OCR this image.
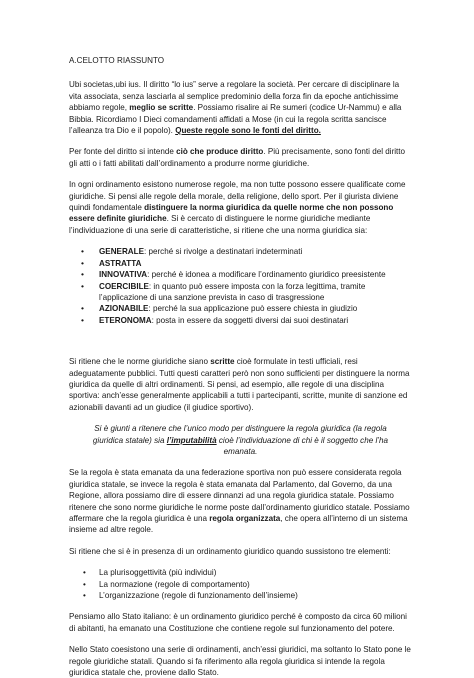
A.CELOTTO RIASSUNTO

Ubi societas,ubi ius. Il diritto “lo ius” serve a regolare la società. Per cercare di disciplinare la vita associata, senza lasciarla al semplice predominio della forza fin da epoche antichissime abbiamo regole, meglio se scritte. Possiamo risalire ai Re sumeri (codice Ur-Nammu) e alla Bibbia. Ricordiamo I Dieci comandamenti affidati a Mose (in cui la regola scritta sancisce l’alleanza tra Dio e il popolo). Queste regole sono le fonti del diritto.

Per fonte del diritto si intende ciò che produce diritto. Più precisamente, sono fonti del diritto gli atti o i fatti abilitati dall’ordinamento a produrre norme giuridiche.

In ogni ordinamento esistono numerose regole, ma non tutte possono essere qualificate come giuridiche. Si pensi alle regole della morale, della religione, dello sport. Per il giurista diviene quindi fondamentale distinguere la norma giuridica da quelle norme che non possono essere definite giuridiche. Si è cercato di distinguere le norme giuridiche mediante l’individuazione di una serie di caratteristiche, si ritiene che una norma giuridica sia:

• GENERALE: perché si rivolge a destinatari indeterminati
• ASTRATTA
• INNOVATIVA: perché è idonea a modificare l’ordinamento giuridico preesistente
• COERCIBILE: in quanto può essere imposta con la forza legittima, tramite l’applicazione di una sanzione prevista in caso di trasgressione
• AZIONABILE: perché la sua applicazione può essere chiesta in giudizio
• ETERONOMA: posta in essere da soggetti diversi dai suoi destinatari

Si ritiene che le norme giuridiche siano scritte cioè formulate in testi ufficiali, resi adeguatamente pubblici. Tutti questi caratteri però non sono sufficienti per distinguere la norma giuridica da quelle di altri ordinamenti. Si pensi, ad esempio, alle regole di una disciplina sportiva: anch’esse generalmente applicabili a tutti i partecipanti, scritte, munite di sanzione ed azionabili davanti ad un giudice (il giudice sportivo).

Si è giunti a ritenere che l’unico modo per distinguere la regola giuridica (la regola giuridica statale) sia l’imputabilità cioè l’individuazione di chi è il soggetto che l’ha emanata.

Se la regola è stata emanata da una federazione sportiva non può essere considerata regola giuridica statale, se invece la regola è stata emanata dal Parlamento, dal Governo, da una Regione, allora possiamo dire di essere dinnanzi ad una regola giuridica statale. Possiamo ritenere che sono norme giuridiche le norme poste dall’ordinamento giuridico statale. Possiamo affermare che la regola giuridica è una regola organizzata, che opera all’interno di un sistema insieme ad altre regole.

Si ritiene che si è in presenza di un ordinamento giuridico quando sussistono tre elementi:

• La plurisoggettività (più individui)
• La normazione (regole di comportamento)
• L’organizzazione (regole di funzionamento dell’insieme)

Pensiamo allo Stato italiano: è un ordinamento giuridico perché è composto da circa 60 milioni di abitanti, ha emanato una Costituzione che contiene regole sul funzionamento del potere.

Nello Stato coesistono una serie di ordinamenti, anch’essi giuridici, ma soltanto lo Stato pone le regole giuridiche statali. Quando si fa riferimento alla regola giuridica si intende la regola giuridica statale che, proviene dallo Stato.
